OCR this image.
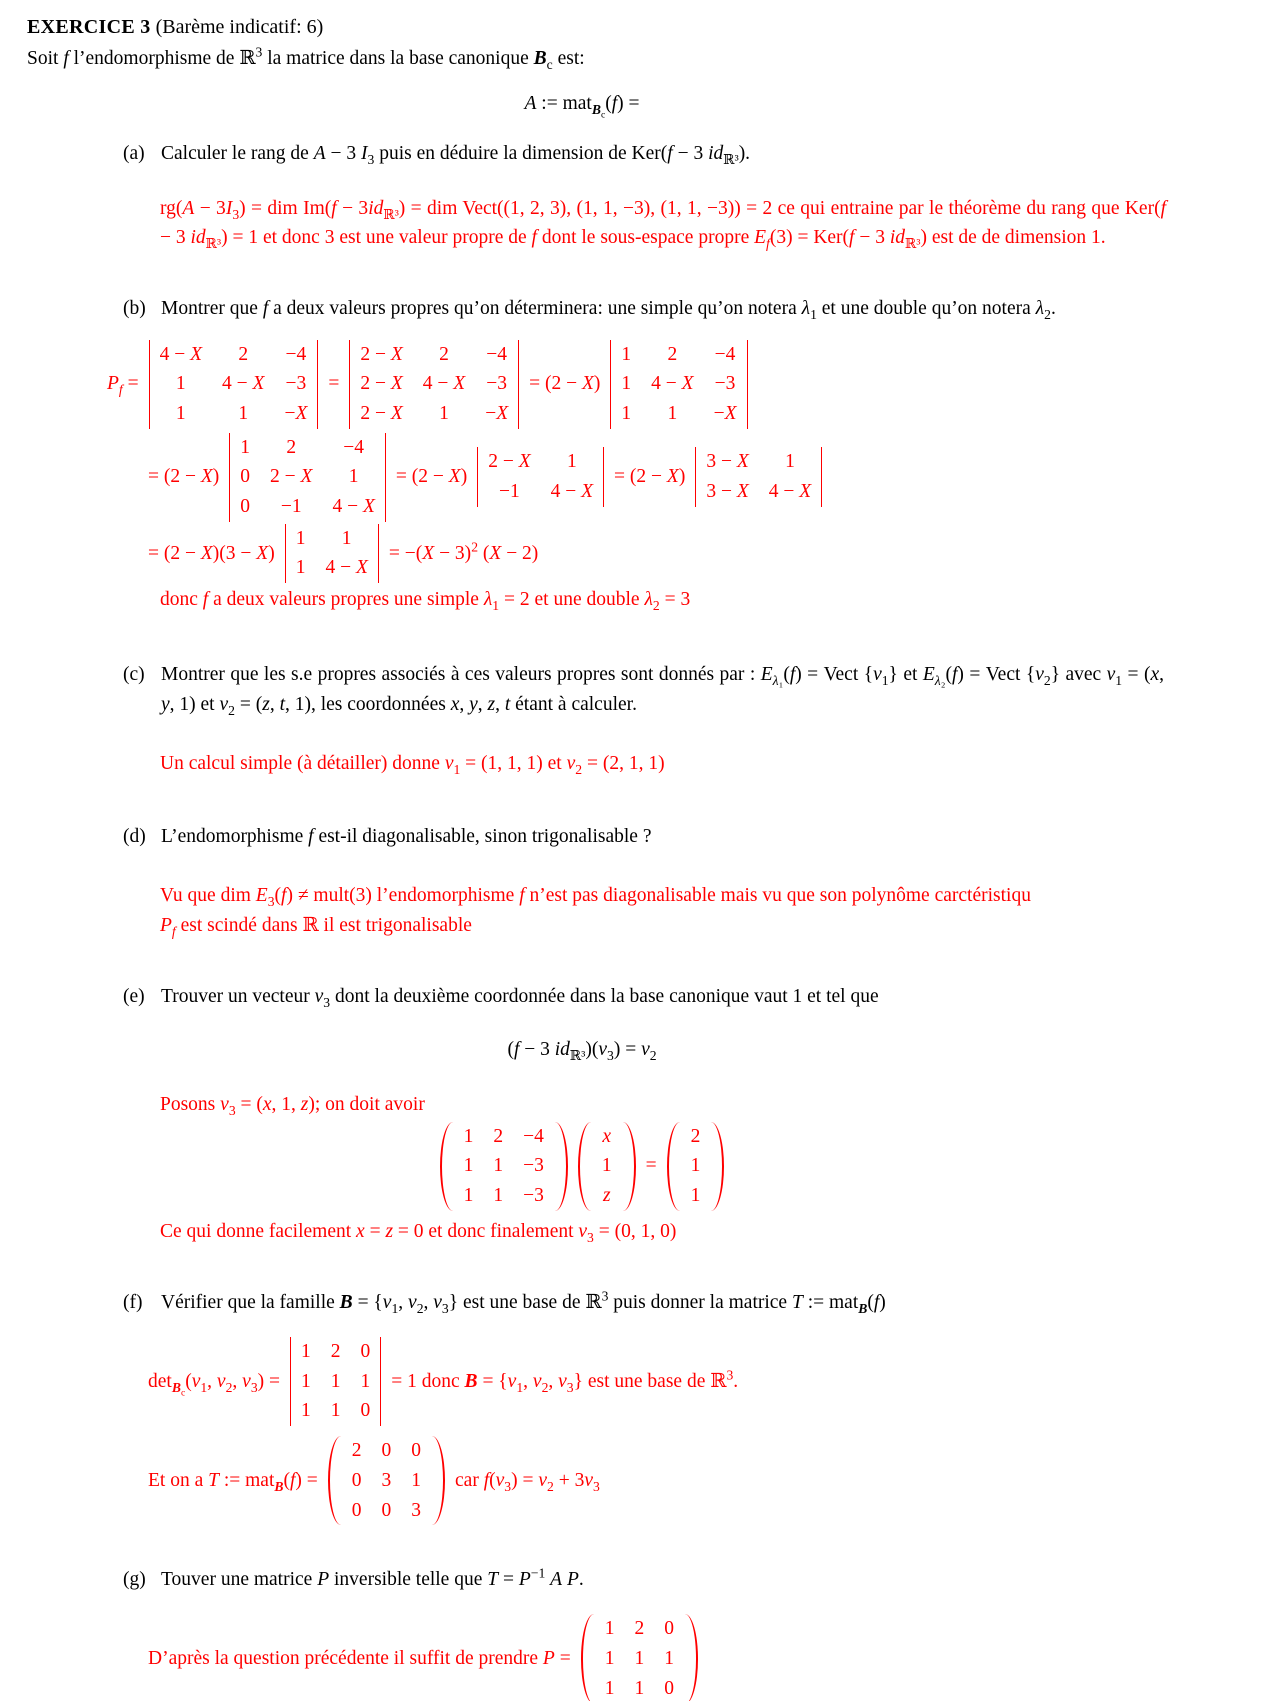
EXERCICE 3 (Barème indicatif: 6)
Soit f l’endomorphisme de ℝ$^3$ la matrice dans la base canonique $B_c$ est:
A := mat$_{B_c}$(f) =
(a) Calculer le rang de A − 3 $I_3$ puis en déduire la dimension de Ker(f − 3 $id_{ℝ^3}$).
$rg(A - 3I_3)$ = dim $Im(f - 3id_{ℝ^3})$ = dim Vect((1, 2, 3), (1, 1, −3), (1, 1, −3)) = 2 ce qui entraine par le théorème du rang que Ker(f − 3 $id_{ℝ^3}) = 1$ et donc 3 est une valeur propre de f dont le sous-espace propre $E_f(3) = Ker(f - 3$ $id_{ℝ^3}$) est de de dimension 1.
(b) Montrer que f a deux valeurs propres qu’on déterminera: une simple qu’on notera $\lambda_1$ et une double qu’on notera $\lambda_2$.
$P_f$ =
4 − X	2	−4
1	4 − X	−3
1	1	−X
=
2 − X	2	−4
2 − X	4 − X	−3
2 − X	1	−X
= (2 − X)
1	2	−4
1	4 − X	−3
1	1	−X
= (2 − X)
1	2	−4
0	2 − X	1
0	−1	4 − X
= (2 − X)
2 − X	1
−1	4 − X
= (2 − X)
3 − X	1
3 − X	4 − X
= (2 − X)(3 − X)
1	1
1	4 − X
= $-(X - 3)^2$ (X − 2)
donc f a deux valeurs propres une simple $\lambda_1 = 2$ et une double $\lambda_2 = 3$
(c) Montrer que les s.e propres associés à ces valeurs propres sont donnés par : $E_{\lambda_1}(f)$ = Vect $\{v_1\}$ et $E_{\lambda_2}(f)$ = Vect $\{v_2\}$ avec $v_1 = (x$, y, 1) et $v_2 = (z$, t, 1), les coordonnées x, y, z, t étant à calculer.
Un calcul simple (à détailler) donne $v_1 = (1$, 1, 1) et $v_2 = (2$, 1, 1)
(d) L’endomorphisme f est-il diagonalisable, sinon trigonalisable ?
Vu que dim $E_3(f)$ ≠ mult(3) l’endomorphisme f n’est pas diagonalisable mais vu que son polynôme carctéristiqu
$P_f$ est scindé dans ℝ il est trigonalisable
(e) Trouver un vecteur $v_3$ dont la deuxième coordonnée dans la base canonique vaut 1 et tel que
(f − 3 $id_{ℝ^3})(v_3) = v_2$
Posons $v_3 = (x$, 1, z); on doit avoir
1	2	−4
1	1	−3
1	1	−3
x
1
z
=
2
1
1
Ce qui donne facilement x = z = 0 et donc finalement $v_3 = (0$, 1, 0)
(f) Vérifier que la famille $B = \{v_1$, $v_2$, $v_3$} est une base de ℝ$^3$ puis donner la matrice T := mat$_B$(f)
$\det_{B_c}(v_1$, $v_2$, $v_3$) =
1	2	0
1	1	1
1	1	0
= 1 donc $B = \{v_1$, $v_2$, $v_3$} est une base de ℝ$^3$.
Et on a T := mat$_B$(f) =
2	0	0
0	3	1
0	0	3
car $f(v_3) = v_2 + 3v_3$
(g) Touver une matrice P inversible telle que $T = P^{-1}$ A P.
D’après la question précédente il suffit de prendre P =
1	2	0
1	1	1
1	1	0
